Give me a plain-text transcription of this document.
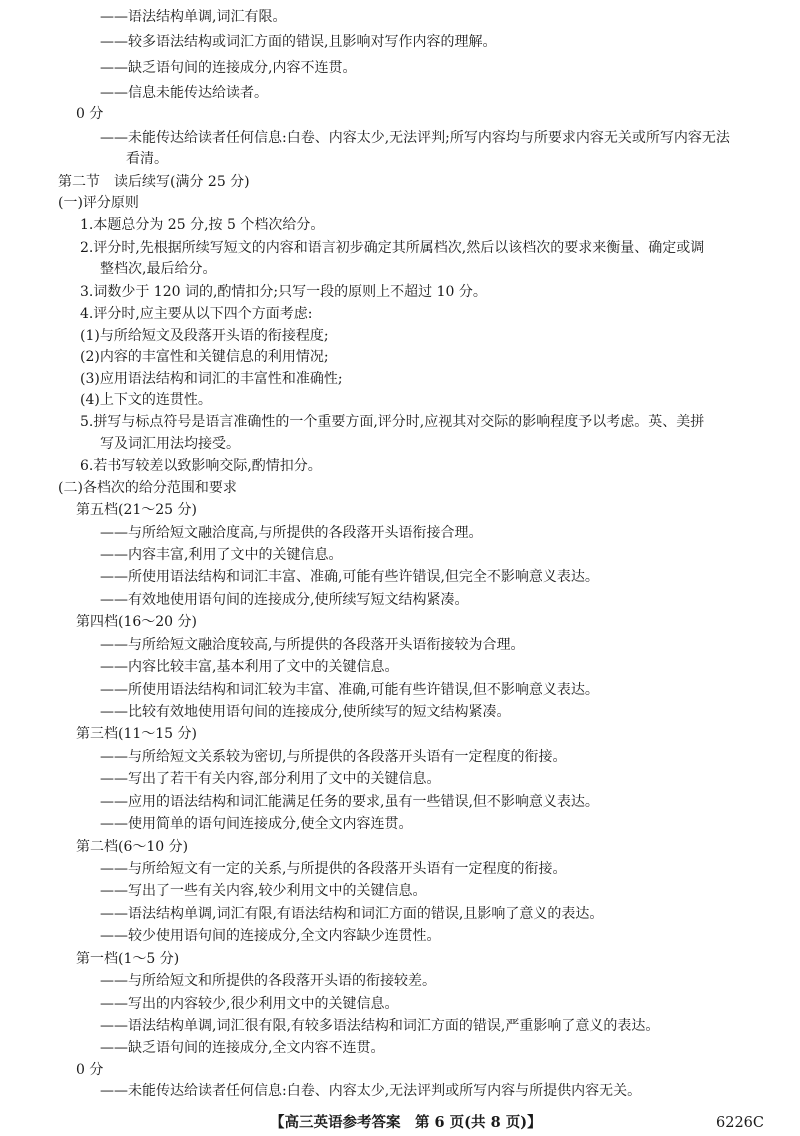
——语法结构单调,词汇有限。
——较多语法结构或词汇方面的错误,且影响对写作内容的理解。
——缺乏语句间的连接成分,内容不连贯。
——信息未能传达给读者。
0 分
——未能传达给读者任何信息:白卷、内容太少,无法评判;所写内容均与所要求内容无关或所写内容无法
看清。
第二节　读后续写(满分 25 分)
(一)评分原则
1.本题总分为 25 分,按 5 个档次给分。
2.评分时,先根据所续写短文的内容和语言初步确定其所属档次,然后以该档次的要求来衡量、确定或调
整档次,最后给分。
3.词数少于 120 词的,酌情扣分;只写一段的原则上不超过 10 分。
4.评分时,应主要从以下四个方面考虑:
(1)与所给短文及段落开头语的衔接程度;
(2)内容的丰富性和关键信息的利用情况;
(3)应用语法结构和词汇的丰富性和准确性;
(4)上下文的连贯性。
5.拼写与标点符号是语言准确性的一个重要方面,评分时,应视其对交际的影响程度予以考虑。英、美拼
写及词汇用法均接受。
6.若书写较差以致影响交际,酌情扣分。
(二)各档次的给分范围和要求
第五档(21～25 分)
——与所给短文融洽度高,与所提供的各段落开头语衔接合理。
——内容丰富,利用了文中的关键信息。
——所使用语法结构和词汇丰富、准确,可能有些许错误,但完全不影响意义表达。
——有效地使用语句间的连接成分,使所续写短文结构紧凑。
第四档(16～20 分)
——与所给短文融洽度较高,与所提供的各段落开头语衔接较为合理。
——内容比较丰富,基本利用了文中的关键信息。
——所使用语法结构和词汇较为丰富、准确,可能有些许错误,但不影响意义表达。
——比较有效地使用语句间的连接成分,使所续写的短文结构紧凑。
第三档(11～15 分)
——与所给短文关系较为密切,与所提供的各段落开头语有一定程度的衔接。
——写出了若干有关内容,部分利用了文中的关键信息。
——应用的语法结构和词汇能满足任务的要求,虽有一些错误,但不影响意义表达。
——使用简单的语句间连接成分,使全文内容连贯。
第二档(6～10 分)
——与所给短文有一定的关系,与所提供的各段落开头语有一定程度的衔接。
——写出了一些有关内容,较少利用文中的关键信息。
——语法结构单调,词汇有限,有语法结构和词汇方面的错误,且影响了意义的表达。
——较少使用语句间的连接成分,全文内容缺少连贯性。
第一档(1～5 分)
——与所给短文和所提供的各段落开头语的衔接较差。
——写出的内容较少,很少利用文中的关键信息。
——语法结构单调,词汇很有限,有较多语法结构和词汇方面的错误,严重影响了意义的表达。
——缺乏语句间的连接成分,全文内容不连贯。
0 分
——未能传达给读者任何信息:白卷、内容太少,无法评判或所写内容与所提供内容无关。
【高三英语参考答案　第 6 页(共 8 页)】	6226C
